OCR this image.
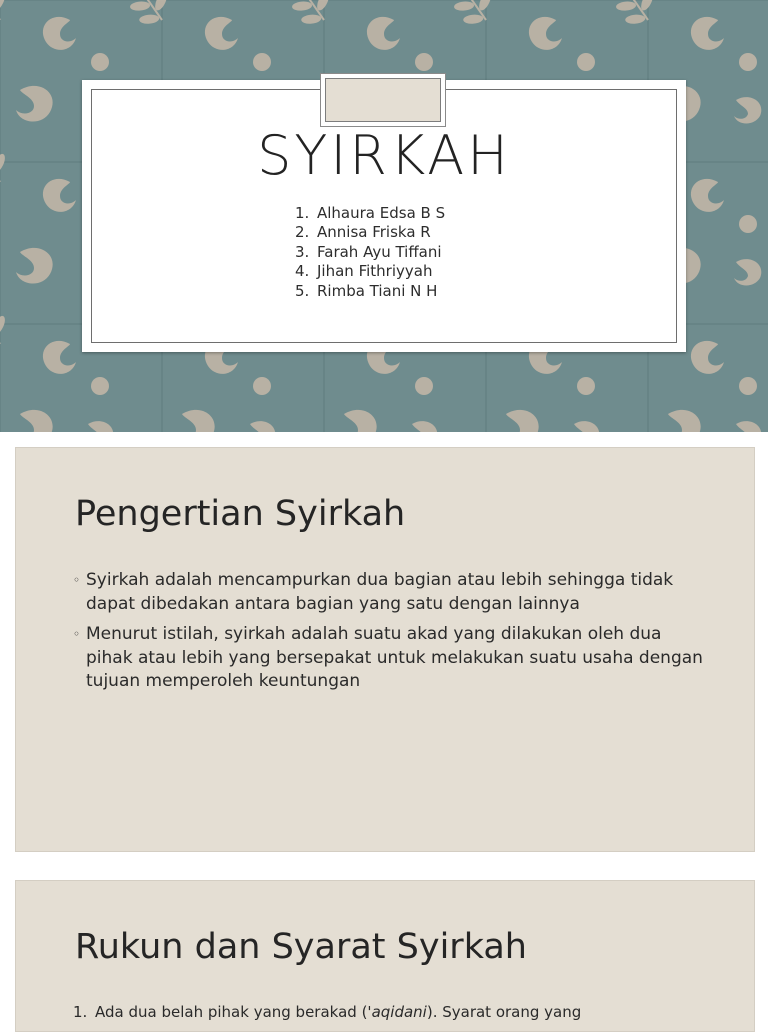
SYIRKAH
1. Alhaura Edsa B S
2. Annisa Friska R
3. Farah Ayu Tiffani
4. Jihan Fithriyyah
5. Rimba Tiani N H
Pengertian Syirkah
◦ Syirkah adalah mencampurkan dua bagian atau lebih sehingga tidak dapat dibedakan antara bagian yang satu dengan lainnya
◦ Menurut istilah, syirkah adalah suatu akad yang dilakukan oleh dua pihak atau lebih yang bersepakat untuk melakukan suatu usaha dengan tujuan memperoleh keuntungan
Rukun dan Syarat Syirkah
1. Ada dua belah pihak yang berakad ('aqidani). Syarat orang yang
